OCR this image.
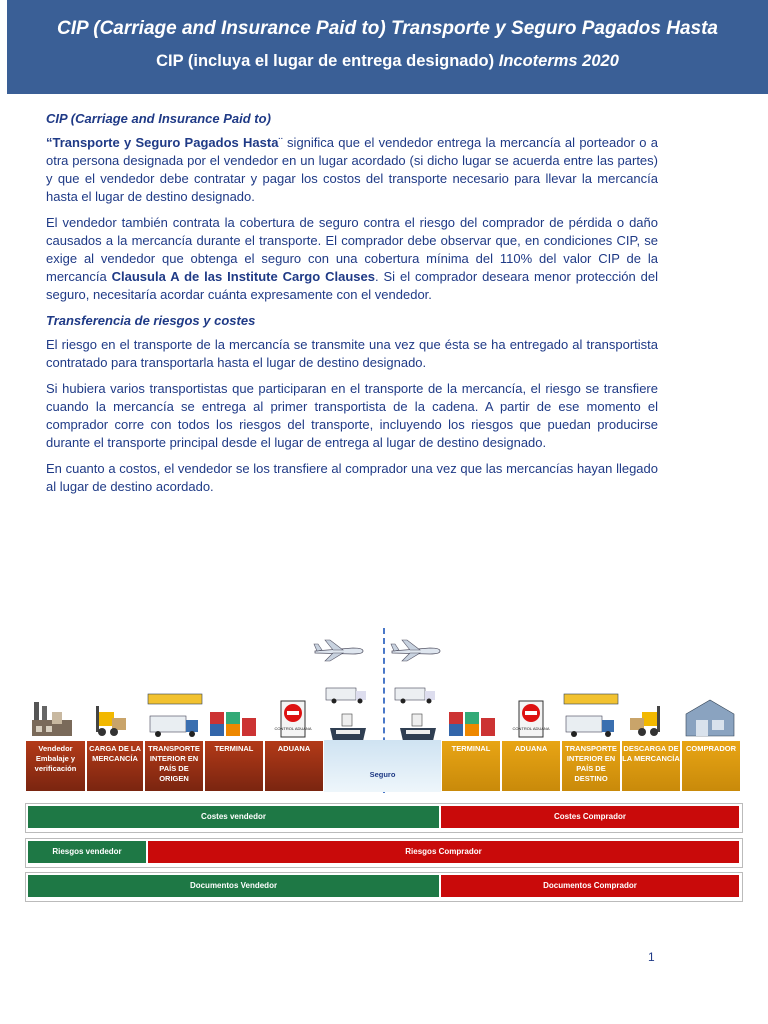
CIP (Carriage and Insurance Paid to) Transporte y Seguro Pagados Hasta
CIP (incluya el lugar de entrega designado) Incoterms 2020
CIP (Carriage and Insurance Paid to)

“Transporte y Seguro Pagados Hasta¨ significa que el vendedor entrega la mercancía al porteador o a otra persona designada por el vendedor en un lugar acordado (si dicho lugar se acuerda entre las partes) y que el vendedor debe contratar y pagar los costos del transporte necesario para llevar la mercancía hasta el lugar de destino designado.

El vendedor también contrata la cobertura de seguro contra el riesgo del comprador de pérdida o daño causados a la mercancía durante el transporte. El comprador debe observar que, en condiciones CIP, se exige al vendedor que obtenga el seguro con una cobertura mínima del 110% del valor CIP de la mercancía Clausula A de las Institute Cargo Clauses. Si el comprador deseara menor protección del seguro, necesitaría acordar cuánta expresamente con el vendedor.

Transferencia de riesgos y costes

El riesgo en el transporte de la mercancía se transmite una vez que ésta se ha entregado al transportista contratado para transportarla hasta el lugar de destino designado.

Si hubiera varios transportistas que participaran en el transporte de la mercancía, el riesgo se transfiere cuando la mercancía se entrega al primer transportista de la cadena. A partir de ese momento el comprador corre con todos los riesgos del transporte, incluyendo los riesgos que puedan producirse durante el transporte principal desde el lugar de entrega al lugar de destino designado.

En cuanto a costos, el vendedor se los transfiere al comprador una vez que las mercancías hayan llegado al lugar de destino acordado.

CONTROL ADUANA	CONTROL ADUANA
Vendedor Embalaje y verificación
CARGA DE LA MERCANCÍA
TRANSPORTE INTERIOR EN PAÍS DE ORIGEN
TERMINAL	ADUANA
Seguro
TERMINAL	ADUANA	TRANSPORTE INTERIOR EN PAÍS DE DESTINO
DESCARGA DE LA MERCANCÍA
COMPRADOR
Costes vendedor	Costes Comprador
Riesgos vendedor	Riesgos Comprador
Documentos Vendedor	Documentos Comprador
1
